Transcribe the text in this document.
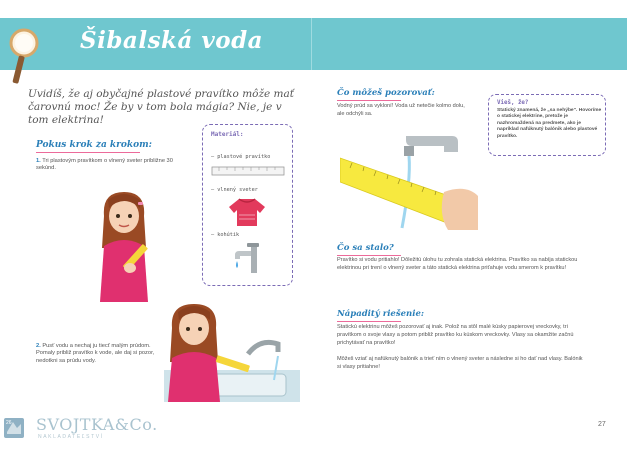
Šibalská voda
Uvidíš, že aj obyčajné plastové pravítko môže mať čarovnú moc! Že by v tom bola mágia? Nie, je v tom elektrina!
Pokus krok za krokom:
1. Tri plastovým pravítkom o vlnený sveter približne 30 sekúnd.
2. Pusť vodu a nechaj ju tiecť malým prúdom. Pomaly približ pravítko k vode, ale daj si pozor, nedotkni sa prúdu vody.
Materiál:
– plastové pravítko
– vlnený sveter
– kohútik
Čo môžeš pozorovať:
Vodný prúd sa vykloní! Voda už netečie kolmo dolu, ale odchýli sa.
Vieš, že?
Statický znamená, že „sa nehýbe". Hovoríme o statickej elektrine, pretože je nazhromaždená na predmete, ako je napríklad nafúknutý balónik alebo plastové pravítko.
Čo sa stalo?
Pravítko si vodu pritiahlo! Dôležitú úlohu tu zohrala statická elektrina. Pravítko sa nabíja statickou elektrinou pri trení o vlnený sveter a táto statická elektrina priťahuje vodu smerom k pravítku!
Nápaditý riešenie:
Statickú elektrinu môžeš pozorovať aj inak. Polož na stôl malé kúsky papierovej vreckovky, tri pravítkom o svoje vlasy a potom približ pravítko ku kúskom vreckovky. Vlasy sa okamžite začnú prichytávať na pravítko!
Môžeš vziať aj nafúknutý balónik a trieť ním o vlnený sveter a následne si ho dať nad vlasy. Balónik si vlasy pritiahne!
27
26 SVOJTKA&Co.
NAKLADATEĽSTVÍ
